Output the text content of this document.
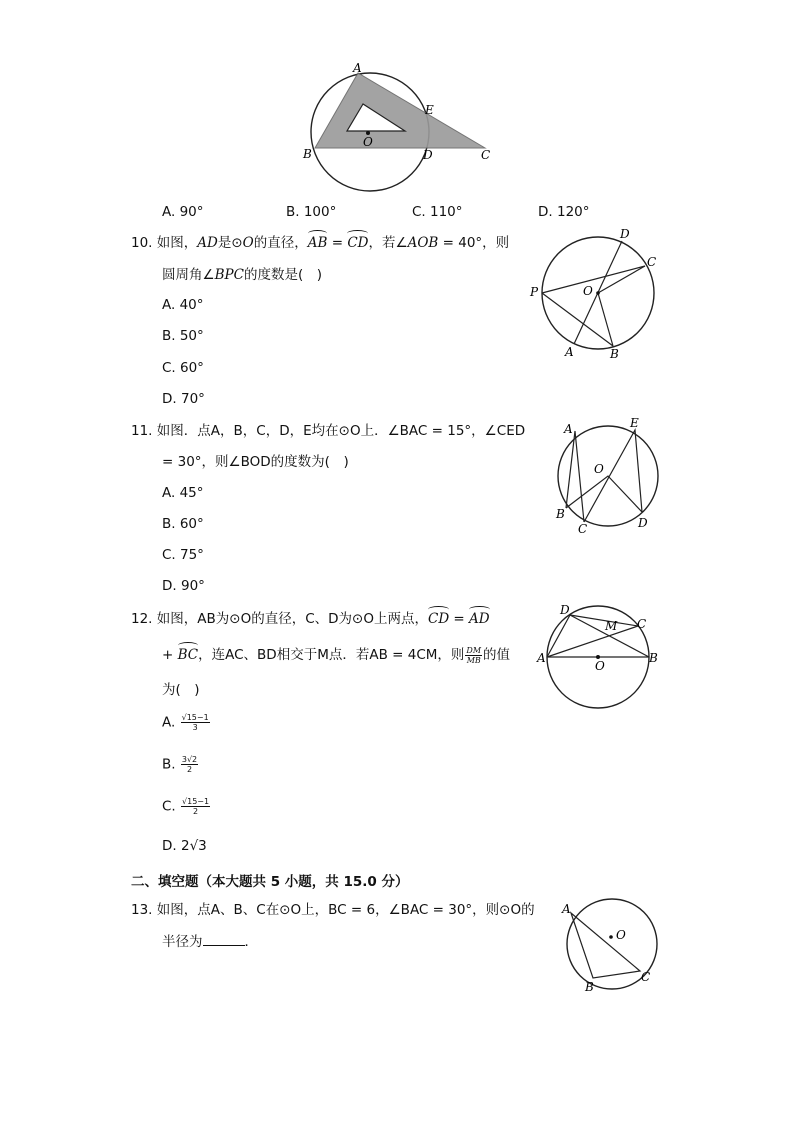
A
E
B
O
D	C
A. 90°	B. 100°	C. 110°	D. 120°
10. 如图，AD是⊙O的直径，AB = CD，若∠AOB = 40°，则
圆周角∠BPC的度数是(　)
A. 40°
B. 50°
C. 60°
D. 70°
D
C
P	O
A	B
11. 如图．点A，B，C，D，E均在⊙O上．∠BAC = 15°，∠CED
= 30°，则∠BOD的度数为(　)
A. 45°
B. 60°
C. 75°
D. 90°
A	E
O
B
C	D
12. 如图，AB为⊙O的直径，C、D为⊙O上两点，CD = AD
+ BC，连AC、BD相交于M点．若AB = 4CM，则 $\frac{DM}{MB}$ 的值
为(　)
A. $\frac{√15-1}{3}$
B. $\frac{3√2}{2}$
C. $\frac{√15-1}{2}$
D. 2√3
D
M C
A
O
B
二、填空题（本大题共 5 小题，共 15.0 分）
13. 如图，点A、B、C在⊙O上，BC = 6，∠BAC = 30°，则⊙O的
半径为	．
A
O
B
C
